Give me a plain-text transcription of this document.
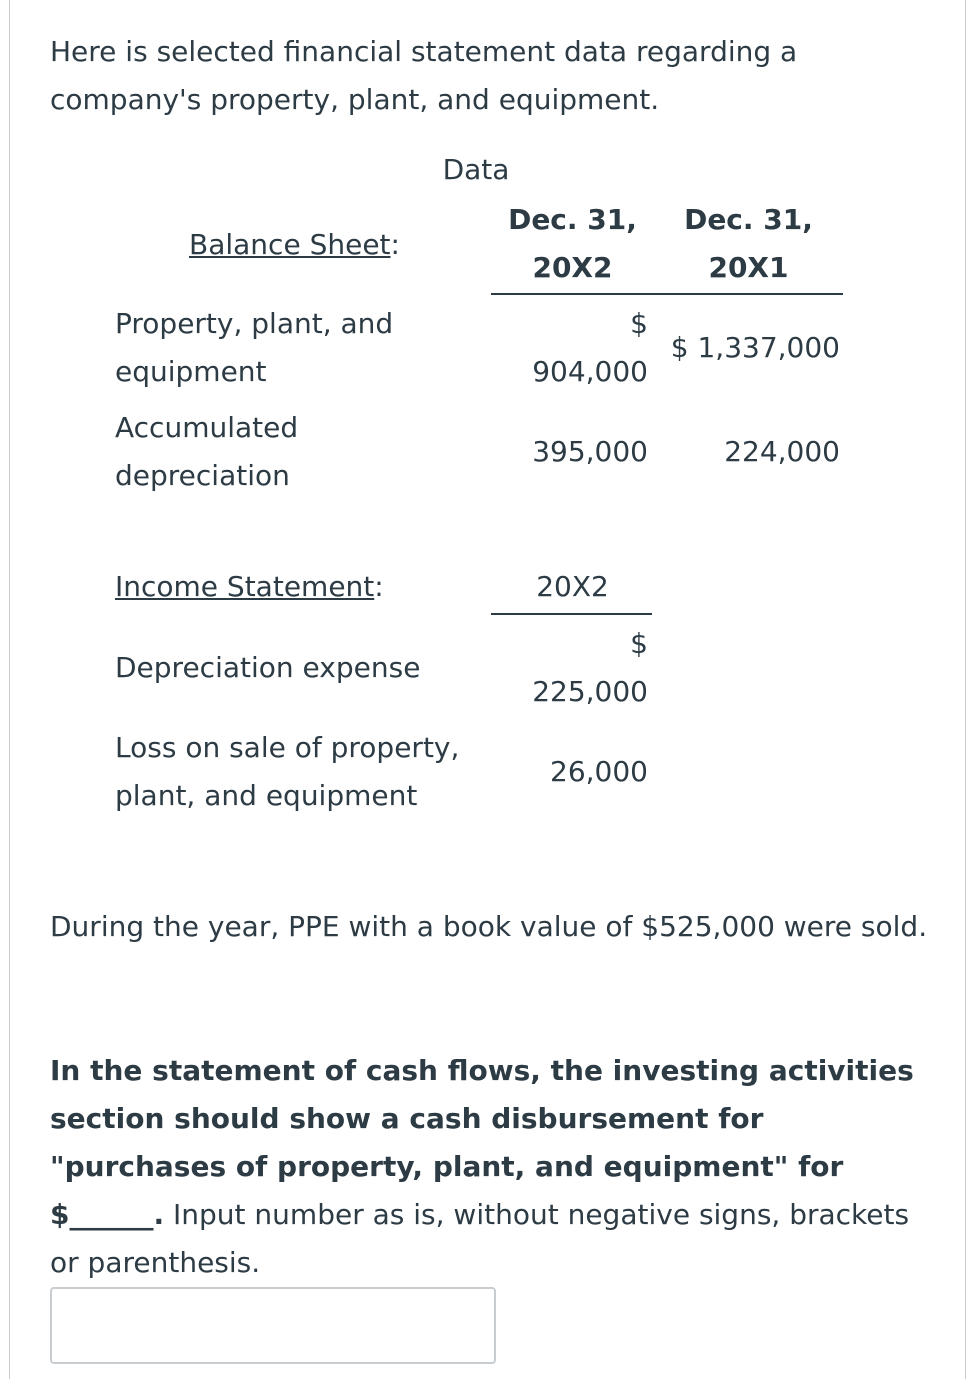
Here is selected financial statement data regarding a company's property, plant, and equipment.
Data
Balance Sheet:
Dec. 31,
20X2
Dec. 31,
20X1
Property, plant, and
equipment
$
904,000
$ 1,337,000
Accumulated
depreciation
395,000	224,000
Income Statement:	20X2
Depreciation expense
$
225,000
Loss on sale of property,
plant, and equipment
26,000
During the year, PPE with a book value of $525,000 were sold.
In the statement of cash flows, the investing activities section should show a cash disbursement for "purchases of property, plant, and equipment" for $______. Input number as is, without negative signs, brackets or parenthesis.
